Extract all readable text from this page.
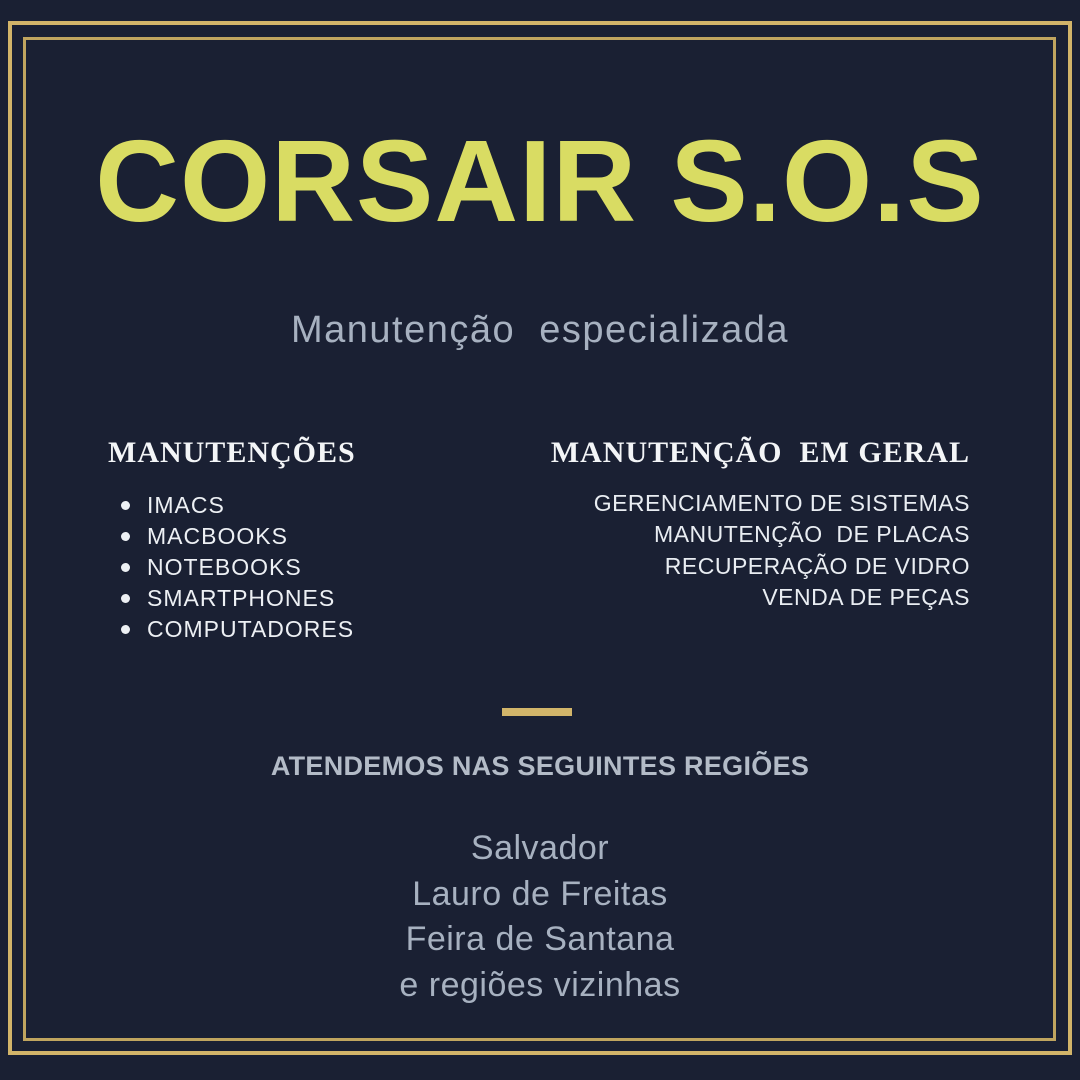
CORSAIR S.O.S
Manutenção  especializada
MANUTENÇÕES
IMACS
MACBOOKS
NOTEBOOKS
SMARTPHONES
COMPUTADORES
MANUTENÇÃO  EM GERAL
GERENCIAMENTO DE SISTEMAS
MANUTENÇÃO  DE PLACAS
RECUPERAÇÃO DE VIDRO
VENDA DE PEÇAS
ATENDEMOS NAS SEGUINTES REGIÕES
Salvador
Lauro de Freitas
Feira de Santana
e regiões vizinhas
